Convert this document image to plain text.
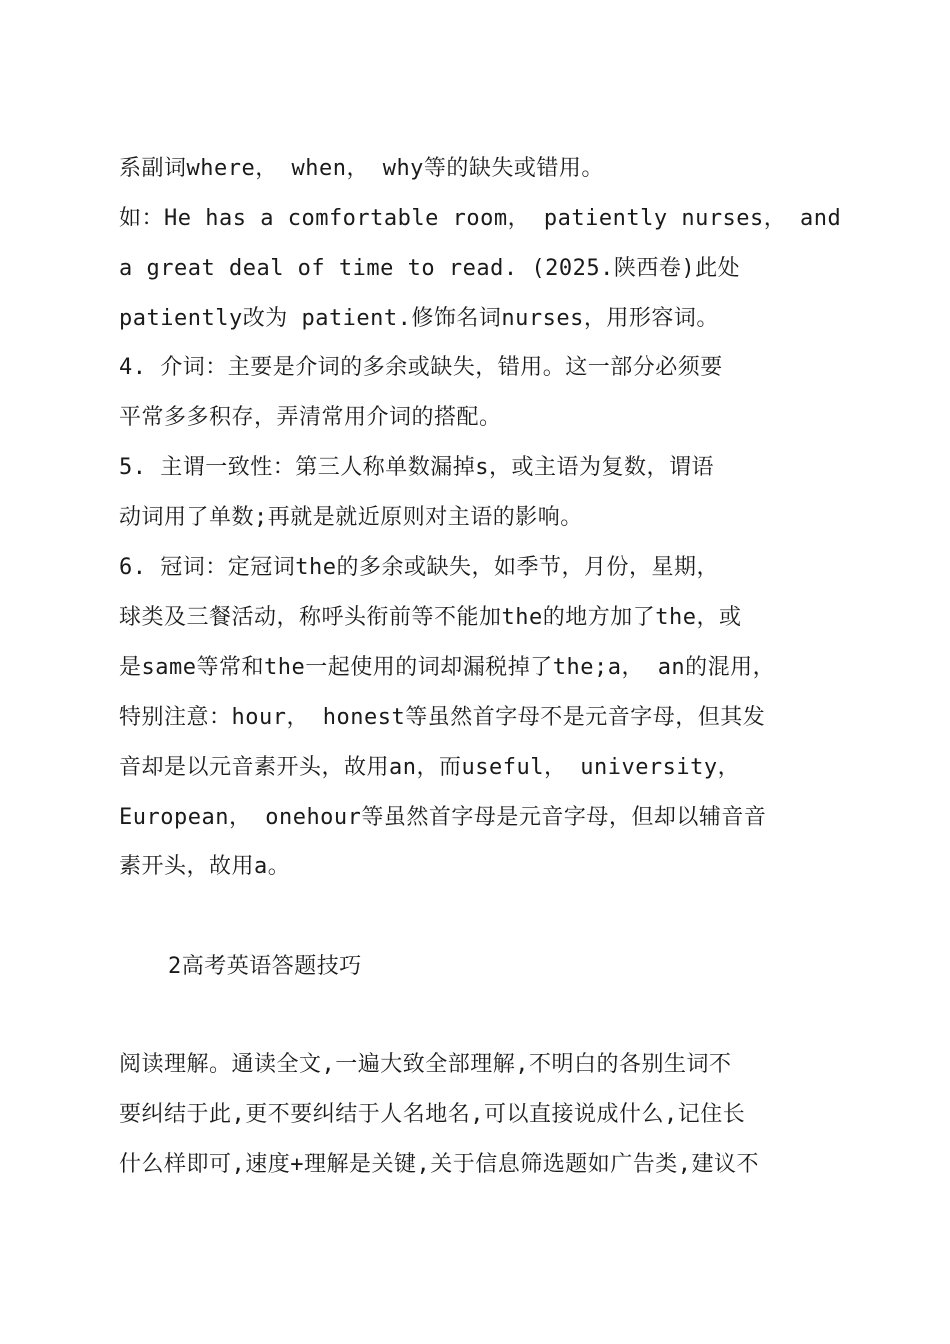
系副词where， when， why等的缺失或错用。
如：He has a comfortable room， patiently nurses， and
a great deal of time to read. (2025.陕西卷)此处
patiently改为 patient.修饰名词nurses，用形容词。
4. 介词：主要是介词的多余或缺失，错用。这一部分必须要
平常多多积存，弄清常用介词的搭配。
5. 主谓一致性：第三人称单数漏掉s，或主语为复数，谓语
动词用了单数;再就是就近原则对主语的影响。
6. 冠词：定冠词the的多余或缺失，如季节，月份，星期，
球类及三餐活动，称呼头衔前等不能加the的地方加了the，或
是same等常和the一起使用的词却漏税掉了the;a， an的混用，
特别注意：hour， honest等虽然首字母不是元音字母，但其发
音却是以元音素开头，故用an，而useful， university，
European， onehour等虽然首字母是元音字母，但却以辅音音
素开头，故用a。
2高考英语答题技巧
阅读理解。通读全文,一遍大致全部理解,不明白的各别生词不
要纠结于此,更不要纠结于人名地名,可以直接说成什么,记住长
什么样即可,速度+理解是关键,关于信息筛选题如广告类,建议不
